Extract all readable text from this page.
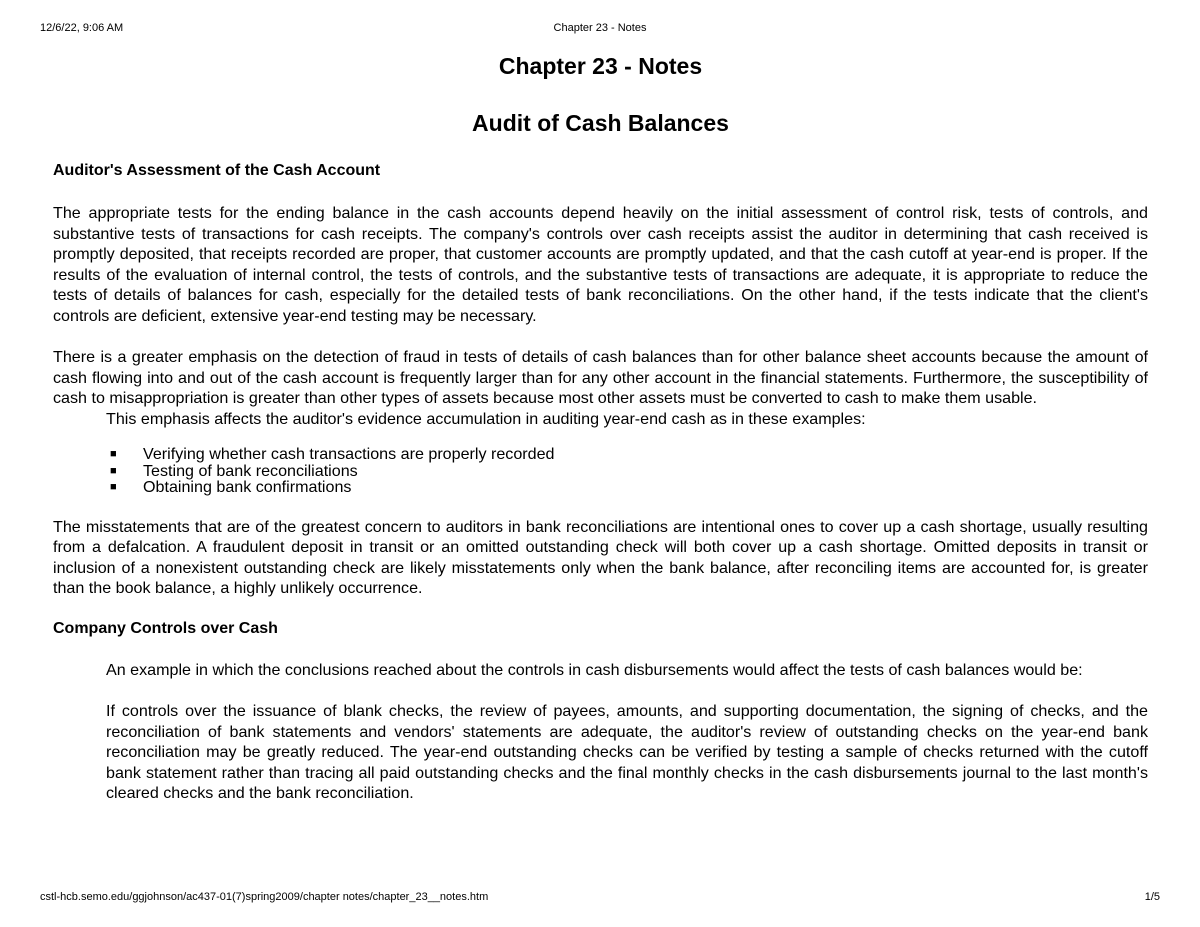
12/6/22, 9:06 AM	Chapter 23 - Notes
Chapter 23 - Notes
Audit of Cash Balances
Auditor's Assessment of the Cash Account

The appropriate tests for the ending balance in the cash accounts depend heavily on the initial assessment of control risk, tests of controls, and substantive tests of transactions for cash receipts. The company's controls over cash receipts assist the auditor in determining that cash received is promptly deposited, that receipts recorded are proper, that customer accounts are promptly updated, and that the cash cutoff at year-end is proper. If the results of the evaluation of internal control, the tests of controls, and the substantive tests of transactions are adequate, it is appropriate to reduce the tests of details of balances for cash, especially for the detailed tests of bank reconciliations. On the other hand, if the tests indicate that the client's controls are deficient, extensive year-end testing may be necessary.

There is a greater emphasis on the detection of fraud in tests of details of cash balances than for other balance sheet accounts because the amount of cash flowing into and out of the cash account is frequently larger than for any other account in the financial statements. Furthermore, the susceptibility of cash to misappropriation is greater than other types of assets because most other assets must be converted to cash to make them usable.

This emphasis affects the auditor's evidence accumulation in auditing year-end cash as in these examples:

■ Verifying whether cash transactions are properly recorded
■ Testing of bank reconciliations
■ Obtaining bank confirmations

The misstatements that are of the greatest concern to auditors in bank reconciliations are intentional ones to cover up a cash shortage, usually resulting from a defalcation. A fraudulent deposit in transit or an omitted outstanding check will both cover up a cash shortage. Omitted deposits in transit or inclusion of a nonexistent outstanding check are likely misstatements only when the bank balance, after reconciling items are accounted for, is greater than the book balance, a highly unlikely occurrence.

Company Controls over Cash

An example in which the conclusions reached about the controls in cash disbursements would affect the tests of cash balances would be:

If controls over the issuance of blank checks, the review of payees, amounts, and supporting documentation, the signing of checks, and the reconciliation of bank statements and vendors' statements are adequate, the auditor's review of outstanding checks on the year-end bank reconciliation may be greatly reduced. The year-end outstanding checks can be verified by testing a sample of checks returned with the cutoff bank statement rather than tracing all paid outstanding checks and the final monthly checks in the cash disbursements journal to the last month's cleared checks and the bank reconciliation.

cstl-hcb.semo.edu/ggjohnson/ac437-01(7)spring2009/chapter notes/chapter_23__notes.htm	1/5
